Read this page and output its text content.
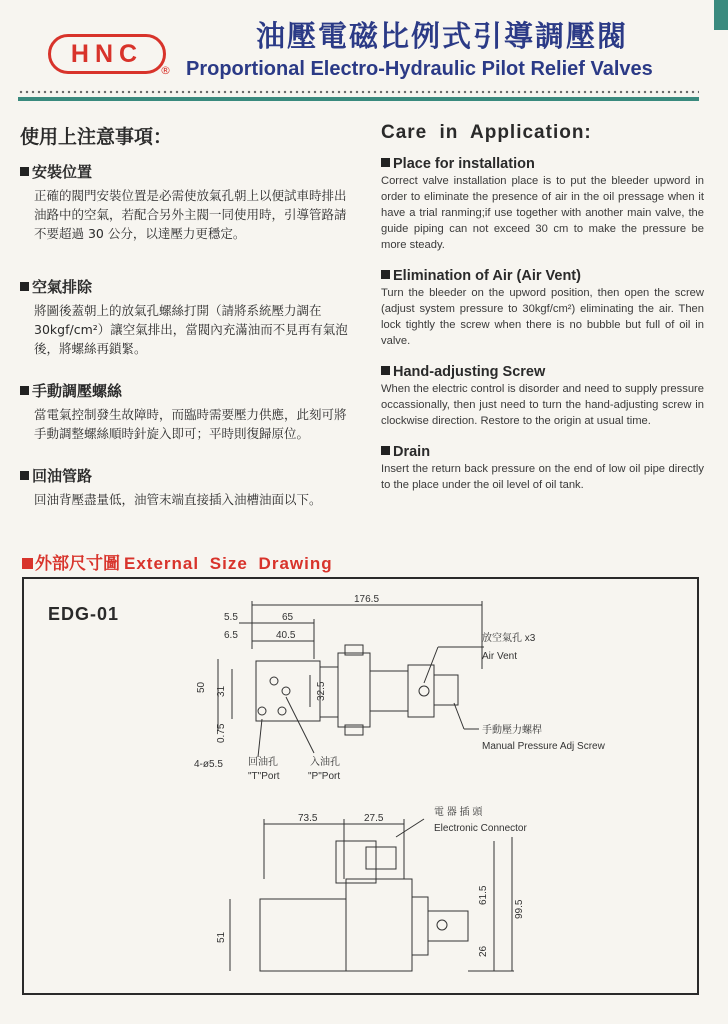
HNC
®
油壓電磁比例式引導調壓閥
Proportional Electro-Hydraulic Pilot Relief Valves
使用上注意事項：
安裝位置
正確的閥門安裝位置是必需使放氣孔朝上以便試車時排出油路中的空氣，若配合另外主閥一同使用時，引導管路請不要超過 30 公分，以達壓力更穩定。
空氣排除
將圖後蓋朝上的放氣孔螺絲打開（請將系統壓力調在 30kgf/cm²）讓空氣排出，當閥內充滿油而不見再有氣泡後，將螺絲再鎖緊。
手動調壓螺絲
當電氣控制發生故障時，而臨時需要壓力供應，此刻可將手動調整螺絲順時針旋入即可；平時則復歸原位。
回油管路
回油背壓盡量低，油管末端直接插入油槽油面以下。
Care in Application:
Place for installation
Correct valve installation place is to put the bleeder upword in order to eliminate the presence of air in the oil pressage when it have a trial ranming;if use together with another main valve, the guide piping can not exceed 30 cm to make the pressure be more steady.
Elimination of Air (Air Vent)
Turn the bleeder on the upword position, then open the screw (adjust system pressure to 30kgf/cm²) eliminating the air. Then lock tightly the screw when there is no bubble but full of oil in valve.
Hand-adjusting Screw
When the electric control is disorder and need to supply pressure occassionally, then just need to turn the hand-adjusting screw in clockwise direction. Restore to the origin at usual time.
Drain
Insert the return back pressure on the end of low oil pipe directly to the place under the oil level of oil tank.
外部尺寸圖 External Size Drawing
EDG-01
176.5
5.5	65
6.5	40.5
50 31	32.5
0.75
4-ø5.5	回油孔
"T"Port
入油孔
"P"Port
放空氣孔 x3
Air Vent
手動壓力螺桿
Manual Pressure Adj Screw
73.5	27.5
電 器 插 頭
Electronic Connector
61.5
99.5
51
26
